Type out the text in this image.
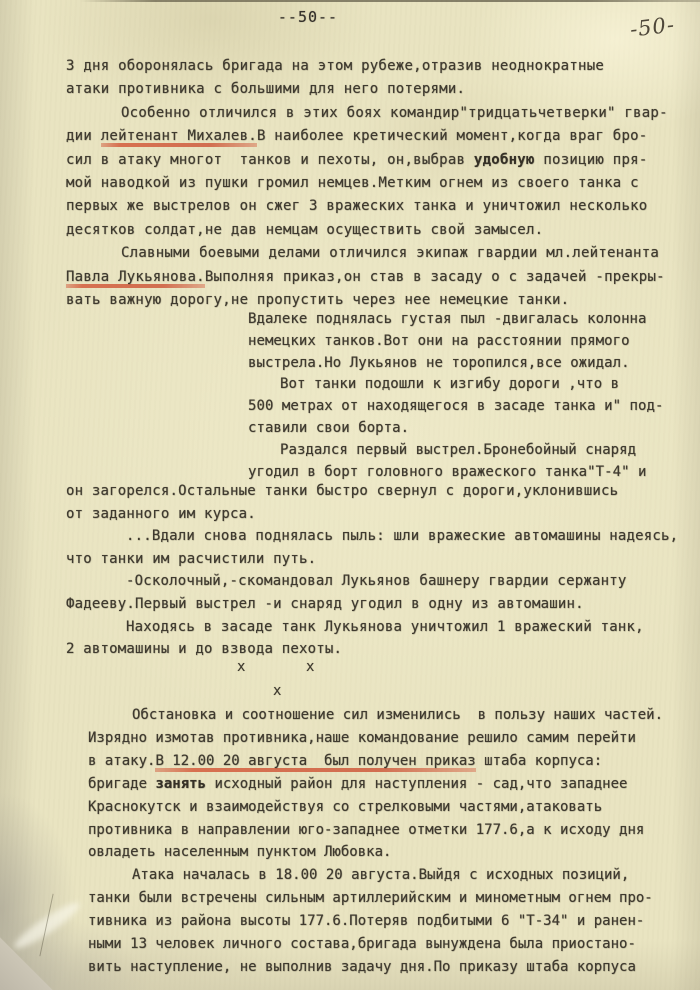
--50--	-50-
З дня оборонялась бригада на этом рубеже,отразив неоднократные
атаки противника с большими для него потерями.
Особенно отличился в этих боях командир"тридцатьчетверки" гвар-
дии лейтенант Михалев.В наиболее кретический момент,когда враг бро-
сил в атаку многот  танков и пехоты, он,выбрав удобную позицию пря-
мой наводкой из пушки громил немцев.Метким огнем из своего танка с
первых же выстрелов он сжег 3 вражеских танка и уничтожил несколько
десятков солдат,не дав немцам осуществить свой замысел.
Славными боевыми делами отличился экипаж гвардии мл.лейтенанта
Павла Лукьянова.Выполняя приказ,он став в засаду о с задачей -прекры-
вать важную дорогу,не пропустить через нее немецкие танки.
Вдалеке поднялась густая пыл -двигалась колонна
немецких танков.Вот они на расстоянии прямого
выстрела.Но Лукьянов не торопился,все ожидал.
Вот танки подошли к изгибу дороги ,что в
500 метрах от находящегося в засаде танка и" под-
ставили свои борта.
Раздался первый выстрел.Бронебойный снаряд
угодил в борт головного вражеского танка"Т-4" и
он загорелся.Остальные танки быстро свернул с дороги,уклонившись
от заданного им курса.
...Вдали снова поднялась пыль: шли вражеские автомашины надеясь,
что танки им расчистили путь.
-Осколочный,-скомандовал Лукьянов башнеру гвардии сержанту
Фадееву.Первый выстрел -и снаряд угодил в одну из автомашин.
Находясь в засаде танк Лукьянова уничтожил 1 вражеский танк,
2 автомашины и до взвода пехоты.
Обстановка и соотношение сил изменились  в пользу наших частей.
Изрядно измотав противника,наше командование решило самим перейти
в атаку.В 12.00 20 августа  был получен приказ штаба корпуса:
бригаде занять исходный район для наступления - сад,что западнее
Краснокутск и взаимодействуя со стрелковыми частями,атаковать
противника в направлении юго-западнее отметки 177.6,а к исходу дня
овладеть населенным пунктом Любовка.
Атака началась в 18.00 20 августа.Выйдя с исходных позиций,
танки были встречены сильным артиллерийским и минометным огнем про-
тивника из района высоты 177.6.Потеряв подбитыми 6 "Т-34" и ранен-
ными 13 человек личного состава,бригада вынуждена была приостано-
вить наступление, не выполнив задачу дня.По приказу штаба корпуса
х	х
х
